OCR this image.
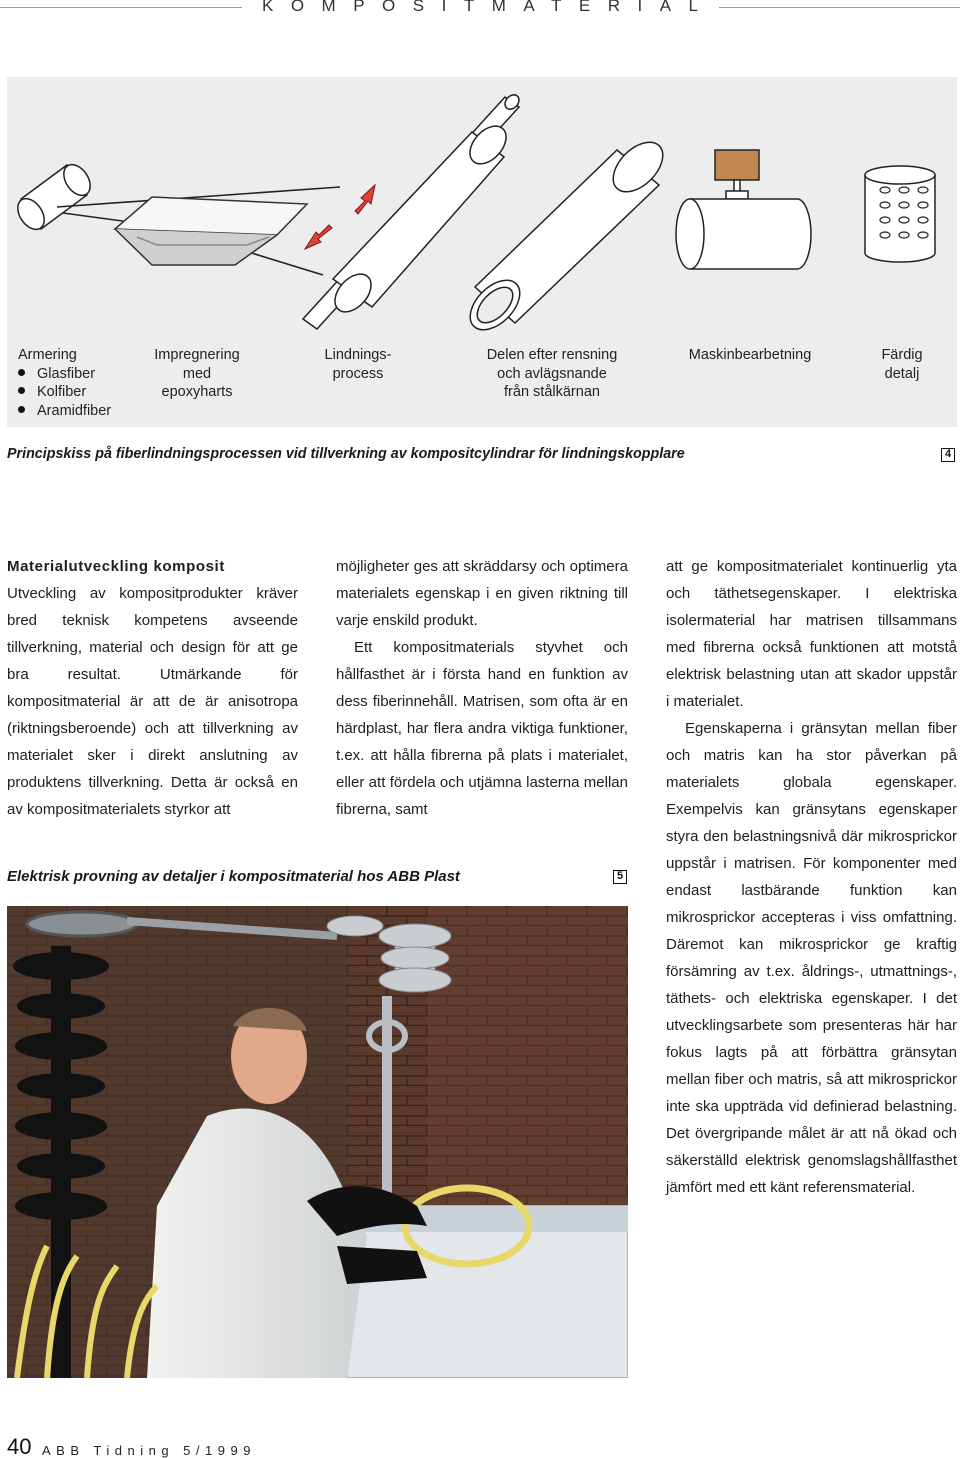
KOMPOSITMATERIAL
Armering
Glasfiber
Kolfiber
Aramidfiber
Impregnering
med
epoxyharts
Lindnings-
process
Delen efter rensning
och avlägsnande
från stålkärnan
Maskinbearbetning	Färdig
detalj
Principskiss på fiberlindningsprocessen vid tillverkning av kompositcylindrar för lindningskopplare	4

Materialutveckling komposit

Utveckling av kompositprodukter kräver bred teknisk kompetens avseende tillverkning, material och design för att ge bra resultat. Utmärkande för kompositmaterial är att de är anisotropa (riktningsberoende) och att tillverkning av materialet sker i direkt anslutning av produktens tillverkning. Detta är också en av kompositmaterialets styrkor att

möjligheter ges att skräddarsy och optimera materialets egenskap i en given riktning till varje enskild produkt.

Ett kompositmaterials styvhet och hållfasthet är i första hand en funktion av dess fiberinnehåll. Matrisen, som ofta är en härdplast, har flera andra viktiga funktioner, t.ex. att hålla fibrerna på plats i materialet, eller att fördela och utjämna lasterna mellan fibrerna, samt

att ge kompositmaterialet kontinuerlig yta och täthetsegenskaper. I elektriska isolermaterial har matrisen tillsammans med fibrerna också funktionen att motstå elektrisk belastning utan att skador uppstår i materialet.

Egenskaperna i gränsytan mellan fiber och matris kan ha stor påverkan på materialets globala egenskaper. Exempelvis kan gränsytans egenskaper styra den belastningsnivå där mikrosprickor uppstår i matrisen. För komponenter med endast lastbärande funktion kan mikrosprickor accepteras i viss omfattning. Däremot kan mikrosprickor ge kraftig försämring av t.ex. åldrings-, utmattnings-, täthets- och elektriska egenskaper. I det utvecklingsarbete som presenteras här har fokus lagts på att förbättra gränsytan mellan fiber och matris, så att mikrosprickor inte ska uppträda vid definierad belastning. Det övergripande målet är att nå ökad och säkerställd elektrisk genomslagshållfasthet jämfört med ett känt referensmaterial.

Elektrisk provning av detaljer i kompositmaterial hos ABB Plast	5
40 ABB Tidning 5/1999
